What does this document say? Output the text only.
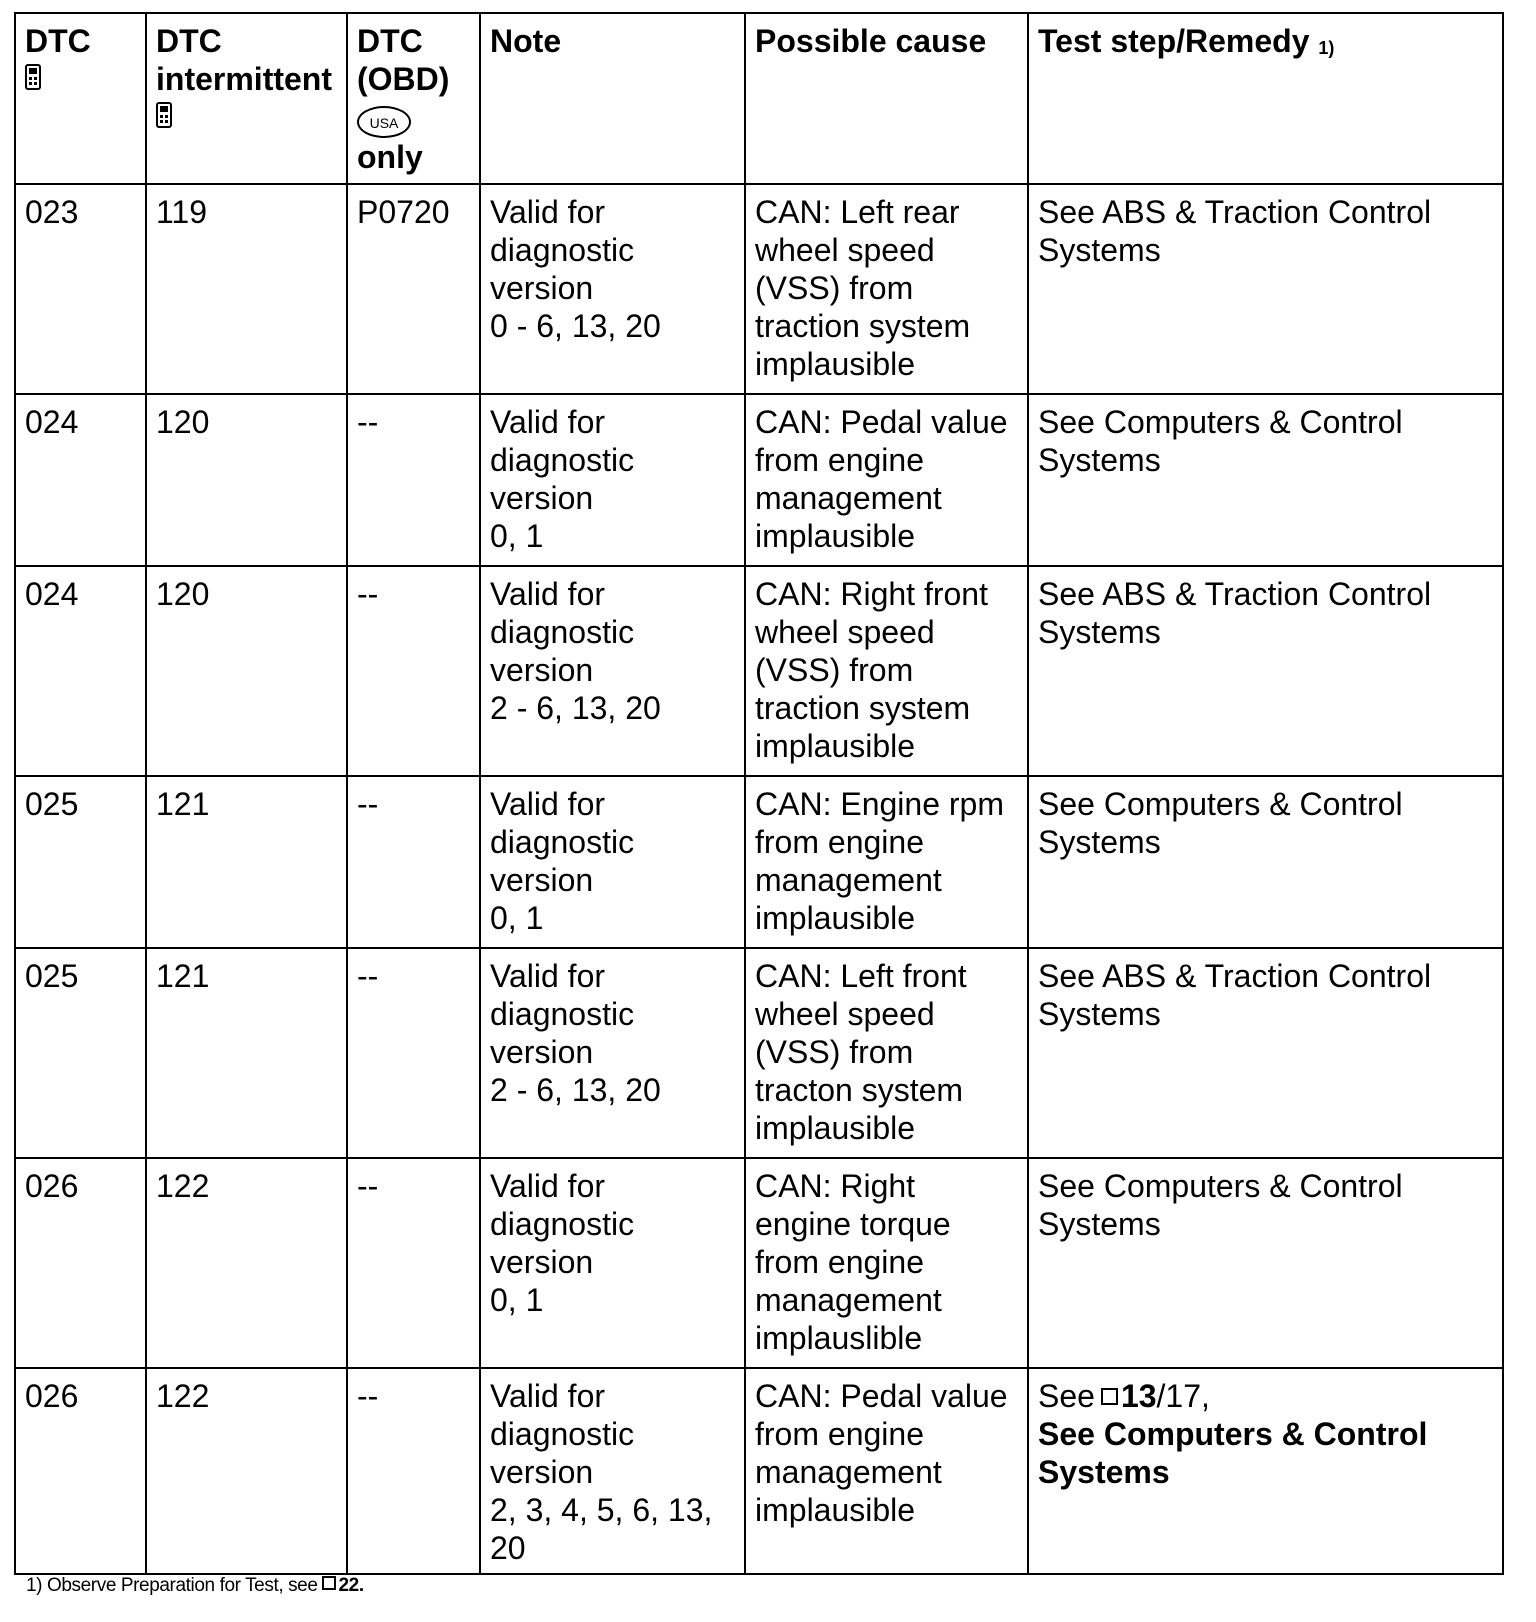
DTC	DTC intermittent	DTC
(OBD)
USA
only	Note	Possible cause	Test step/Remedy 1)
023	119	P0720	Valid for diagnostic version
0 - 6, 13, 20	CAN: Left rear wheel speed (VSS) from traction system implausible	See ABS & Traction Control Systems
024	120	--	Valid for diagnostic version
0, 1	CAN: Pedal value from engine management implausible	See Computers & Control Systems
024	120	--	Valid for diagnostic version
2 - 6, 13, 20	CAN: Right front wheel speed (VSS) from traction system implausible	See ABS & Traction Control Systems
025	121	--	Valid for diagnostic version
0, 1	CAN: Engine rpm from engine management implausible	See Computers & Control Systems
025	121	--	Valid for diagnostic version
2 - 6, 13, 20	CAN: Left front wheel speed (VSS) from tracton system implausible	See ABS & Traction Control Systems
026	122	--	Valid for diagnostic version
0, 1	CAN: Right engine torque from engine management implauslible	See Computers & Control Systems
026	122	--	Valid for diagnostic version
2, 3, 4, 5, 6, 13, 20	CAN: Pedal value from engine management implausible	See 13/17,
See Computers & Control Systems
1) Observe Preparation for Test, see 22.
